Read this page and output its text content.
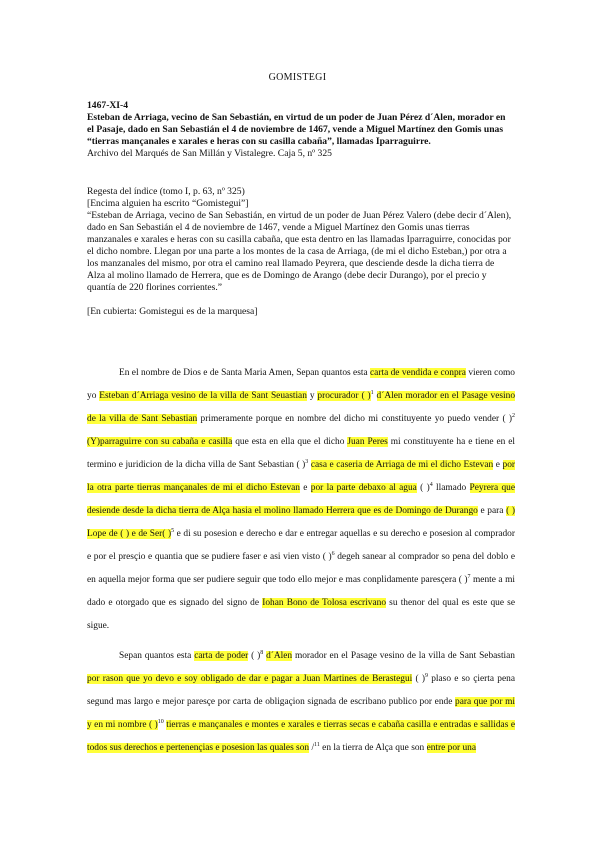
GOMISTEGI
1467-XI-4
Esteban de Arriaga, vecino de San Sebastián, en virtud de un poder de Juan Pérez d´Alen, morador en el Pasaje, dado en San Sebastián el 4 de noviembre de 1467, vende a Miguel Martínez den Gomis unas “tierras mançanales e xarales e heras con su casilla cabaña”, llamadas Iparraguirre.
Archivo del Marqués de San Millán y Vistalegre. Caja 5, nº 325
Regesta del índice (tomo I, p. 63, nº 325)
[Encima alguien ha escrito “Gomistegui”]
“Esteban de Arriaga, vecino de San Sebastián, en virtud de un poder de Juan Pérez Valero (debe decir d´Alen), dado en San Sebastián el 4 de noviembre de 1467, vende a Miguel Martínez den Gomis unas tierras manzanales e xarales e heras con su casilla cabaña, que esta dentro en las llamadas Iparraguirre, conocidas por el dicho nombre. Llegan por una parte a los montes de la casa de Arriaga, (de mi el dicho Esteban,) por otra a los manzanales del mismo, por otra el camino real llamado Peyrera, que desciende desde la dicha tierra de Alza al molino llamado de Herrera, que es de Domingo de Arango (debe decir Durango), por el precio y quantía de 220 florines corrientes.”
[En cubierta: Gomistegui es de la marquesa]

En el nombre de Dios e de Santa Maria Amen, Sepan quantos esta carta de vendida e conpra vieren como yo Esteban d´Arriaga vesino de la villa de Sant Seuastian y procurador ( )$^1$ d´Alen morador en el Pasage vesino de la villa de Sant Sebastian primeramente porque en nombre del dicho mi constituyente yo puedo vender ( )$^2$ (Y)parraguirre con su cabaña e casilla que esta en ella que el dicho Juan Peres mi constituyente ha e tiene en el termino e juridicion de la dicha villa de Sant Sebastian ( )$^3$ casa e caseria de Arriaga de mi el dicho Estevan e por la otra parte tierras mançanales de mi el dicho Estevan e por la parte debaxo al agua ( )$^4$ llamado Peyrera que desiende desde la dicha tierra de Alça hasia el molino llamado Herrera que es de Domingo de Durango e para ( ) Lope de ( ) e de Ser( )$^5$ e di su posesion e derecho e dar e entregar aquellas e su derecho e posesion al comprador e por el presçio e quantia que se pudiere faser e asi vien visto ( )$^6$ degeh sanear al comprador so pena del doblo e en aquella mejor forma que ser pudiere seguir que todo ello mejor e mas conplidamente paresçera ( )$^7$ mente a mi dado e otorgado que es signado del signo de Iohan Bono de Tolosa escrivano su thenor del qual es este que se sigue.

Sepan quantos esta carta de poder ( )$^8$ d´Alen morador en el Pasage vesino de la villa de Sant Sebastian por rason que yo devo e soy obligado de dar e pagar a Juan Martines de Berastegui ( )$^9$ plaso e so çierta pena segund mas largo e mejor paresçe por carta de obligaçion signada de escribano publico por ende para que por mi y en mi nombre ( )$^{10}$ tierras e mançanales e montes e xarales e tierras secas e cabaña casilla e entradas e sallidas e todos sus derechos e pertenençias e posesion las quales son /$^{11}$ en la tierra de Alça que son entre por una
